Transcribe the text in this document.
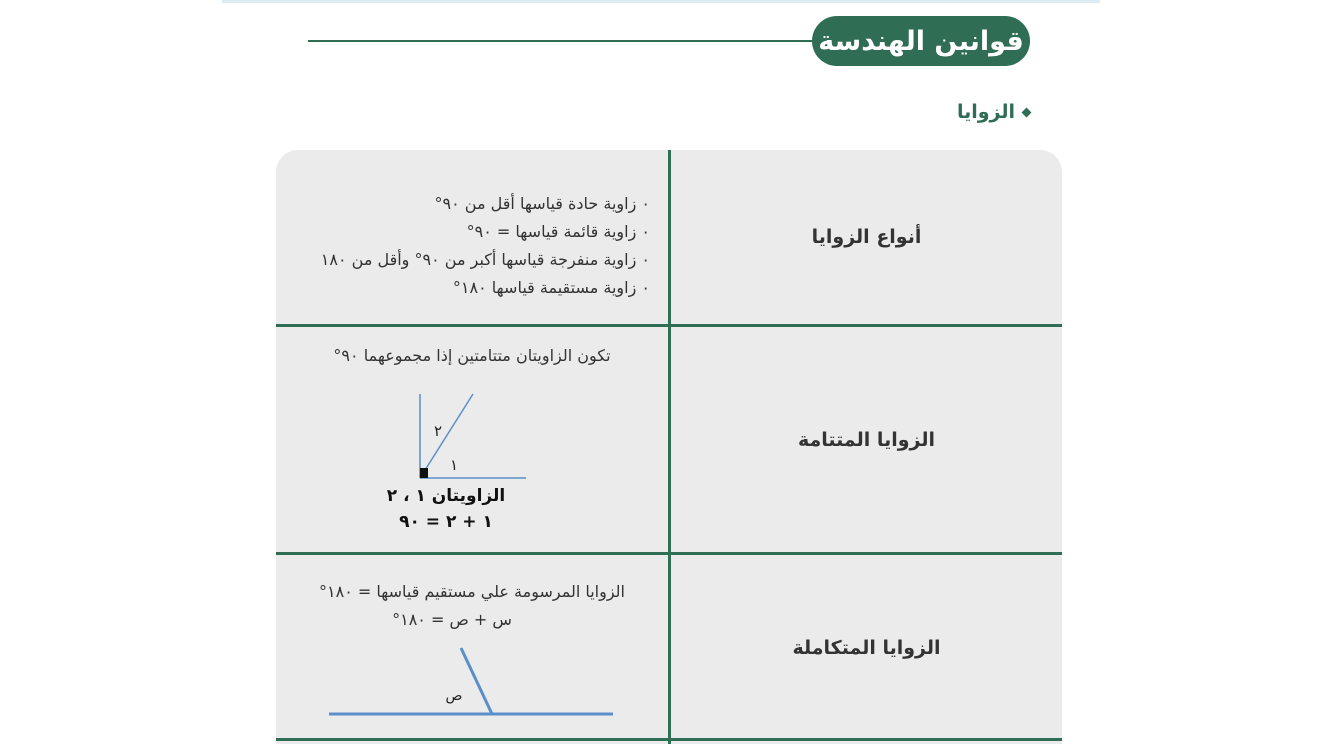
قوانين الهندسة
الزوايا
أنواع الزوايا
٠ زاوية حادة قياسها أقل من ٩٠°
٠ زاوية قائمة قياسها = ٩٠°
٠ زاوية منفرجة قياسها أكبر من ٩٠° وأقل من ١٨٠
٠ زاوية مستقيمة قياسها ١٨٠°
الزوايا المتتامة
تكون الزاويتان متتامتين إذا مجموعهما ٩٠°
٢
١
الزاويتان ١ ، ٢
١ + ٢ = ٩٠
الزوايا المتكاملة
الزوايا المرسومة علي مستقيم قياسها = ١٨٠°
س + ص = ١٨٠°
ص
